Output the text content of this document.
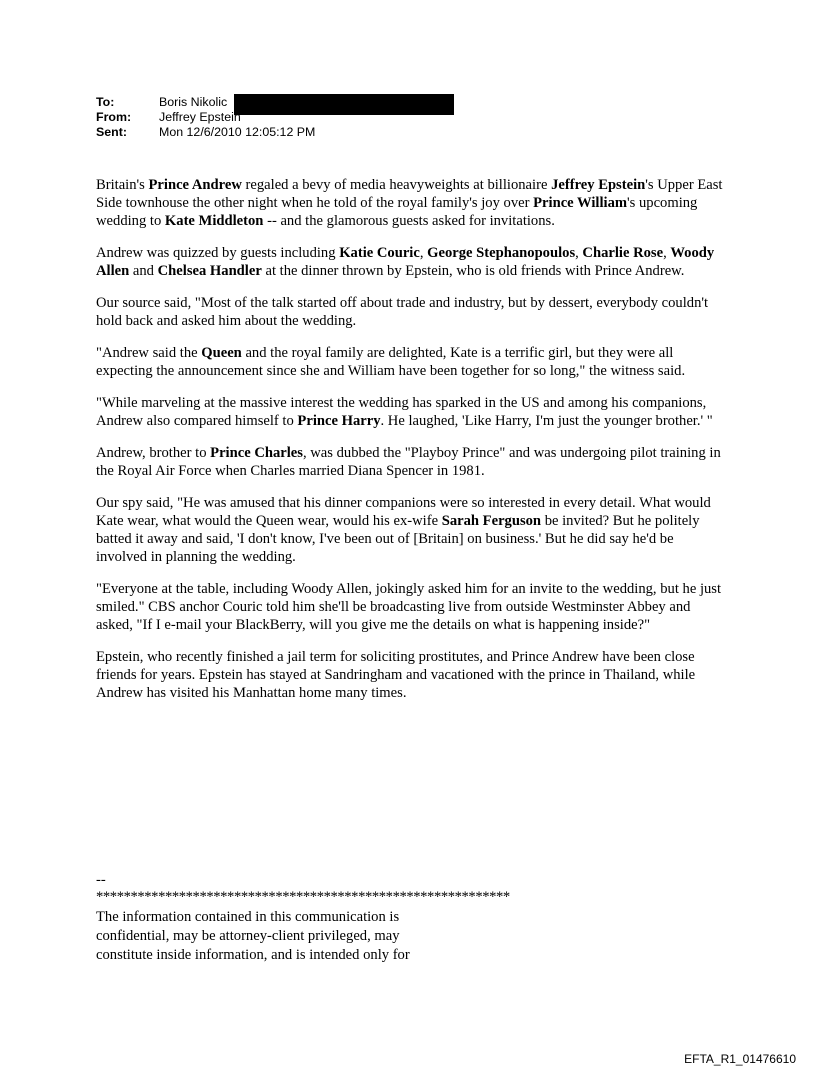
To:	Boris Nikolic
From:	Jeffrey Epstein
Sent:	Mon 12/6/2010 12:05:12 PM

Britain's Prince Andrew regaled a bevy of media heavyweights at billionaire Jeffrey Epstein's Upper East Side townhouse the other night when he told of the royal family's joy over Prince William's upcoming wedding to Kate Middleton -- and the glamorous guests asked for invitations.

Andrew was quizzed by guests including Katie Couric, George Stephanopoulos, Charlie Rose, Woody Allen and Chelsea Handler at the dinner thrown by Epstein, who is old friends with Prince Andrew.

Our source said, "Most of the talk started off about trade and industry, but by dessert, everybody couldn't hold back and asked him about the wedding.

"Andrew said the Queen and the royal family are delighted, Kate is a terrific girl, but they were all expecting the announcement since she and William have been together for so long," the witness said.

"While marveling at the massive interest the wedding has sparked in the US and among his companions, Andrew also compared himself to Prince Harry. He laughed, 'Like Harry, I'm just the younger brother.' "

Andrew, brother to Prince Charles, was dubbed the "Playboy Prince" and was undergoing pilot training in the Royal Air Force when Charles married Diana Spencer in 1981.

Our spy said, "He was amused that his dinner companions were so interested in every detail. What would Kate wear, what would the Queen wear, would his ex-wife Sarah Ferguson be invited? But he politely batted it away and said, 'I don't know, I've been out of [Britain] on business.' But he did say he'd be involved in planning the wedding.

"Everyone at the table, including Woody Allen, jokingly asked him for an invite to the wedding, but he just smiled." CBS anchor Couric told him she'll be broadcasting live from outside Westminster Abbey and asked, "If I e-mail your BlackBerry, will you give me the details on what is happening inside?"

Epstein, who recently finished a jail term for soliciting prostitutes, and Prince Andrew have been close friends for years. Epstein has stayed at Sandringham and vacationed with the prince in Thailand, while Andrew has visited his Manhattan home many times.

--
************************************************************
The information contained in this communication is confidential, may be attorney-client privileged, may constitute inside information, and is intended only for
EFTA_R1_01476610
